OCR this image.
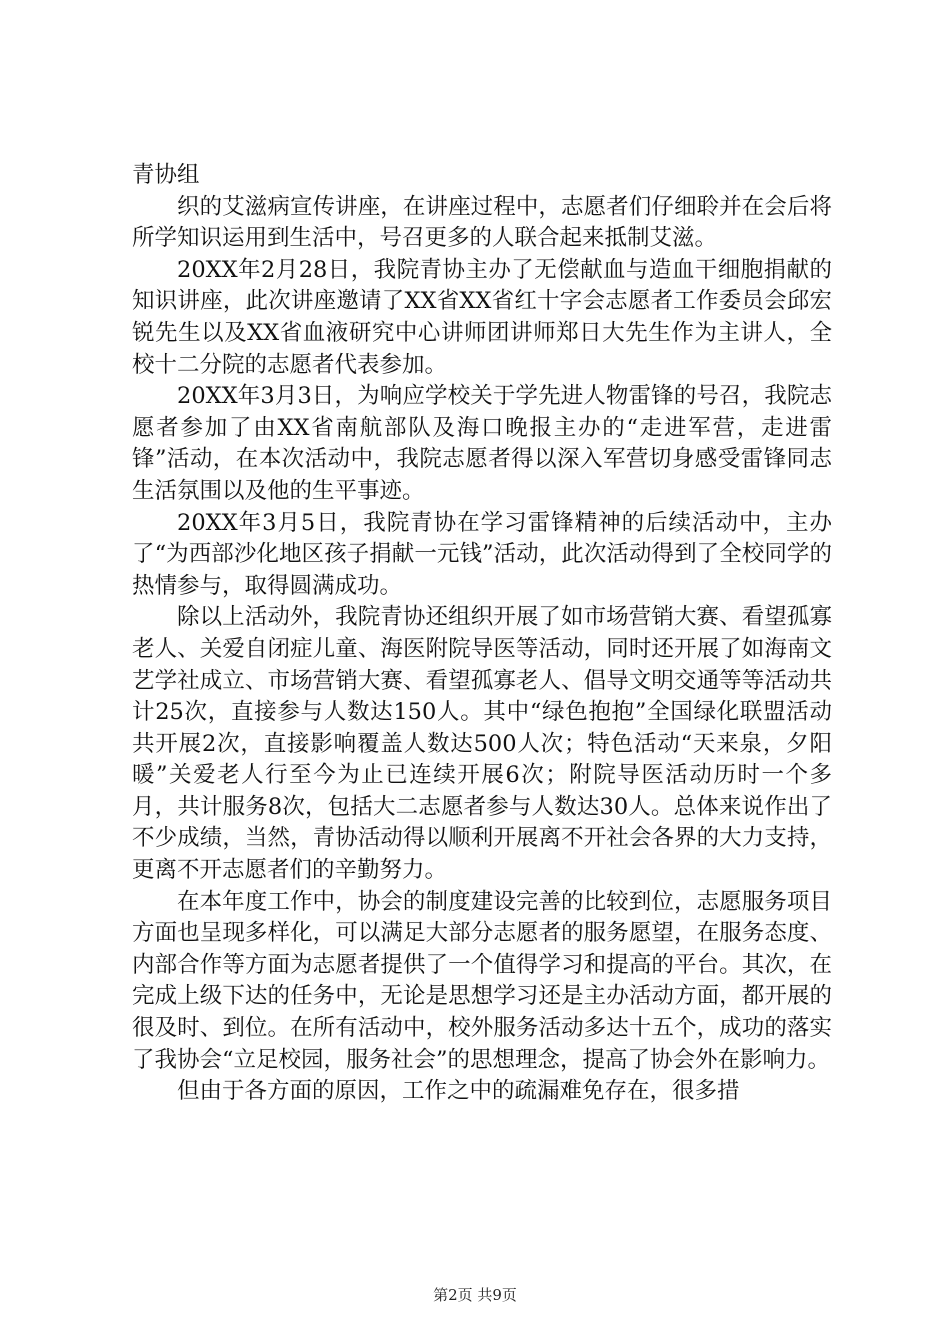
青协组

织的艾滋病宣传讲座，在讲座过程中，志愿者们仔细聆并在会后将所学知识运用到生活中，号召更多的人联合起来抵制艾滋。

20XX年2月28日，我院青协主办了无偿献血与造血干细胞捐献的知识讲座，此次讲座邀请了XX省XX省红十字会志愿者工作委员会邱宏锐先生以及XX省血液研究中心讲师团讲师郑日大先生作为主讲人，全校十二分院的志愿者代表参加。

20XX年3月3日，为响应学校关于学先进人物雷锋的号召，我院志愿者参加了由XX省南航部队及海口晚报主办的“走进军营，走进雷锋”活动，在本次活动中，我院志愿者得以深入军营切身感受雷锋同志生活氛围以及他的生平事迹。

20XX年3月5日，我院青协在学习雷锋精神的后续活动中，主办了“为西部沙化地区孩子捐献一元钱”活动，此次活动得到了全校同学的热情参与，取得圆满成功。

除以上活动外，我院青协还组织开展了如市场营销大赛、看望孤寡老人、关爱自闭症儿童、海医附院导医等活动，同时还开展了如海南文艺学社成立、市场营销大赛、看望孤寡老人、倡导文明交通等等活动共计25次，直接参与人数达150人。其中“绿色抱抱”全国绿化联盟活动共开展2次，直接影响覆盖人数达500人次；特色活动“天来泉，夕阳暖”关爱老人行至今为止已连续开展6次；附院导医活动历时一个多月，共计服务8次，包括大二志愿者参与人数达30人。总体来说作出了不少成绩，当然，青协活动得以顺利开展离不开社会各界的大力支持，更离不开志愿者们的辛勤努力。

在本年度工作中，协会的制度建设完善的比较到位，志愿服务项目方面也呈现多样化，可以满足大部分志愿者的服务愿望，在服务态度、内部合作等方面为志愿者提供了一个值得学习和提高的平台。其次，在完成上级下达的任务中，无论是思想学习还是主办活动方面，都开展的很及时、到位。在所有活动中，校外服务活动多达十五个，成功的落实了我协会“立足校园，服务社会”的思想理念，提高了协会外在影响力。

但由于各方面的原因，工作之中的疏漏难免存在，很多措

第2页 共9页
